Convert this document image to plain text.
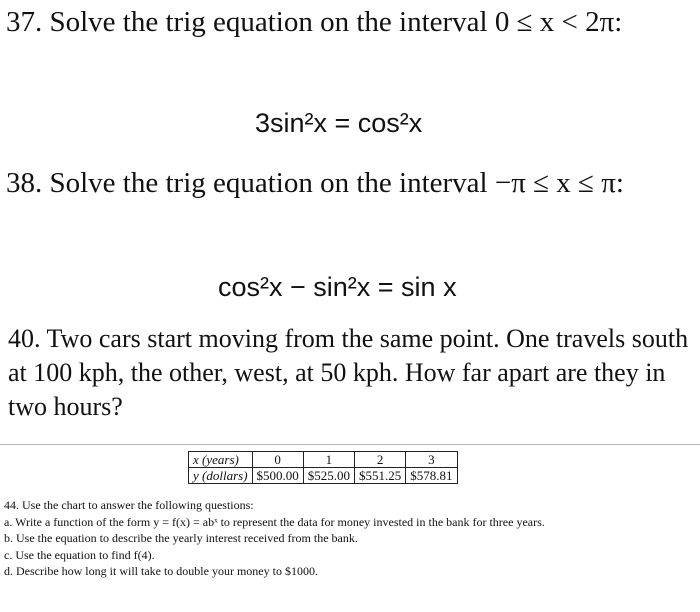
37. Solve the trig equation on the interval 0 ≤ x < 2π:
3sin²x = cos²x
38. Solve the trig equation on the interval −π ≤ x ≤ π:
cos²x − sin²x = sin x
40. Two cars start moving from the same point. One travels south at 100 kph, the other, west, at 50 kph. How far apart are they in two hours?
x (years)	0	1	2	3
y (dollars)	$500.00	$525.00	$551.25	$578.81

44. Use the chart to answer the following questions:

a. Write a function of the form y = f(x) = abˣ to represent the data for money invested in the bank for three years.

b. Use the equation to describe the yearly interest received from the bank.

c. Use the equation to find f(4).

d. Describe how long it will take to double your money to $1000.
